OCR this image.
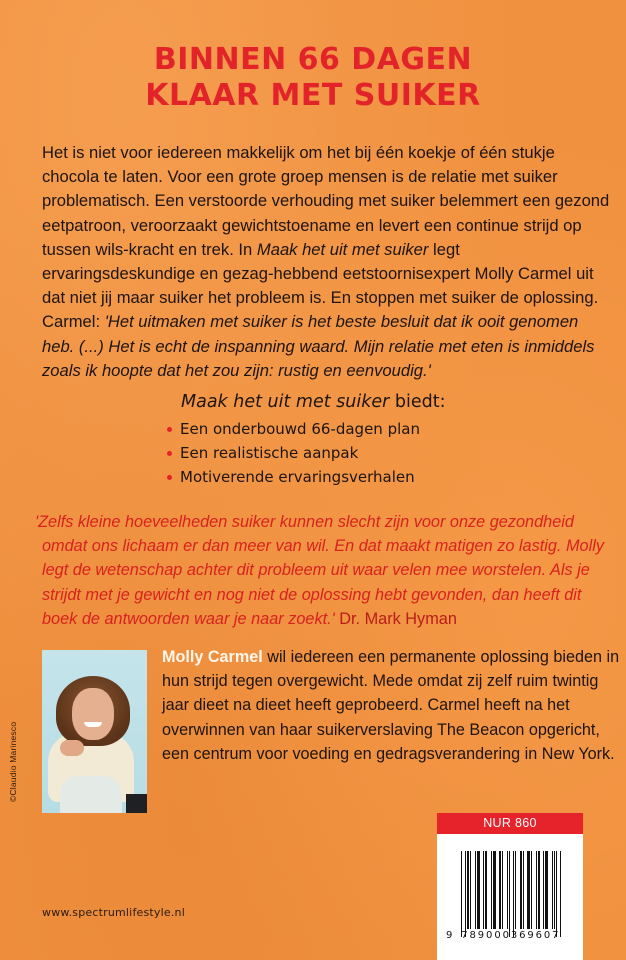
BINNEN 66 DAGEN
KLAAR MET SUIKER
Het is niet voor iedereen makkelijk om het bij één koekje of één stukje chocola te laten. Voor een grote groep mensen is de relatie met suiker problematisch. Een verstoorde verhouding met suiker belemmert een gezond eetpatroon, veroorzaakt gewichtstoename en levert een continue strijd op tussen wils-kracht en trek. In Maak het uit met suiker legt ervaringsdeskundige en gezag-hebbend eetstoornisexpert Molly Carmel uit dat niet jij maar suiker het probleem is. En stoppen met suiker de oplossing.
Carmel: 'Het uitmaken met suiker is het beste besluit dat ik ooit genomen heb. (...) Het is echt de inspanning waard. Mijn relatie met eten is inmiddels zoals ik hoopte dat het zou zijn: rustig en eenvoudig.'
Maak het uit met suiker biedt:
Een onderbouwd 66-dagen plan
Een realistische aanpak
Motiverende ervaringsverhalen
'Zelfs kleine hoeveelheden suiker kunnen slecht zijn voor onze gezondheid
omdat ons lichaam er dan meer van wil. En dat maakt matigen zo lastig. Molly
legt de wetenschap achter dit probleem uit waar velen mee worstelen. Als je
strijdt met je gewicht en nog niet de oplossing hebt gevonden, dan heeft dit
boek de antwoorden waar je naar zoekt.' Dr. Mark Hyman
©Claudio Marinesco
Molly Carmel wil iedereen een permanente oplossing bieden in hun strijd tegen overgewicht. Mede omdat zij zelf ruim twintig jaar dieet na dieet heeft geprobeerd. Carmel heeft na het overwinnen van haar suikerverslaving The Beacon opgericht, een centrum voor voeding en gedragsverandering in New York.
NUR 860
9 789000369607
www.spectrumlifestyle.nl
